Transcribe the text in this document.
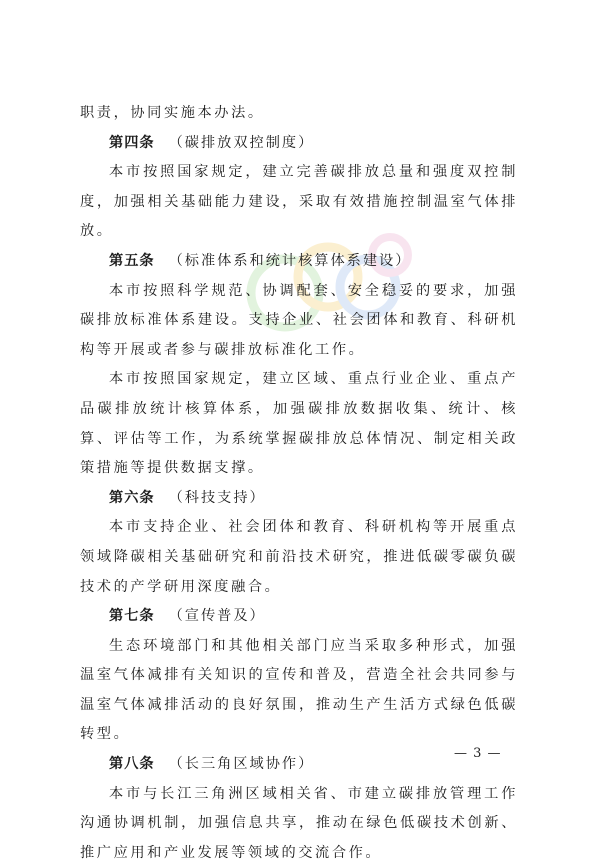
职责，协同实施本办法。

第四条 （碳排放双控制度）

本市按照国家规定，建立完善碳排放总量和强度双控制度，加强相关基础能力建设，采取有效措施控制温室气体排放。

第五条 （标准体系和统计核算体系建设）

本市按照科学规范、协调配套、安全稳妥的要求，加强碳排放标准体系建设。支持企业、社会团体和教育、科研机构等开展或者参与碳排放标准化工作。

本市按照国家规定，建立区域、重点行业企业、重点产品碳排放统计核算体系，加强碳排放数据收集、统计、核算、评估等工作，为系统掌握碳排放总体情况、制定相关政策措施等提供数据支撑。

第六条 （科技支持）

本市支持企业、社会团体和教育、科研机构等开展重点领域降碳相关基础研究和前沿技术研究，推进低碳零碳负碳技术的产学研用深度融合。

第七条 （宣传普及）

生态环境部门和其他相关部门应当采取多种形式，加强温室气体减排有关知识的宣传和普及，营造全社会共同参与温室气体减排活动的良好氛围，推动生产生活方式绿色低碳转型。

第八条 （长三角区域协作）

本市与长江三角洲区域相关省、市建立碳排放管理工作沟通协调机制，加强信息共享，推动在绿色低碳技术创新、推广应用和产业发展等领域的交流合作。

— 3 —
